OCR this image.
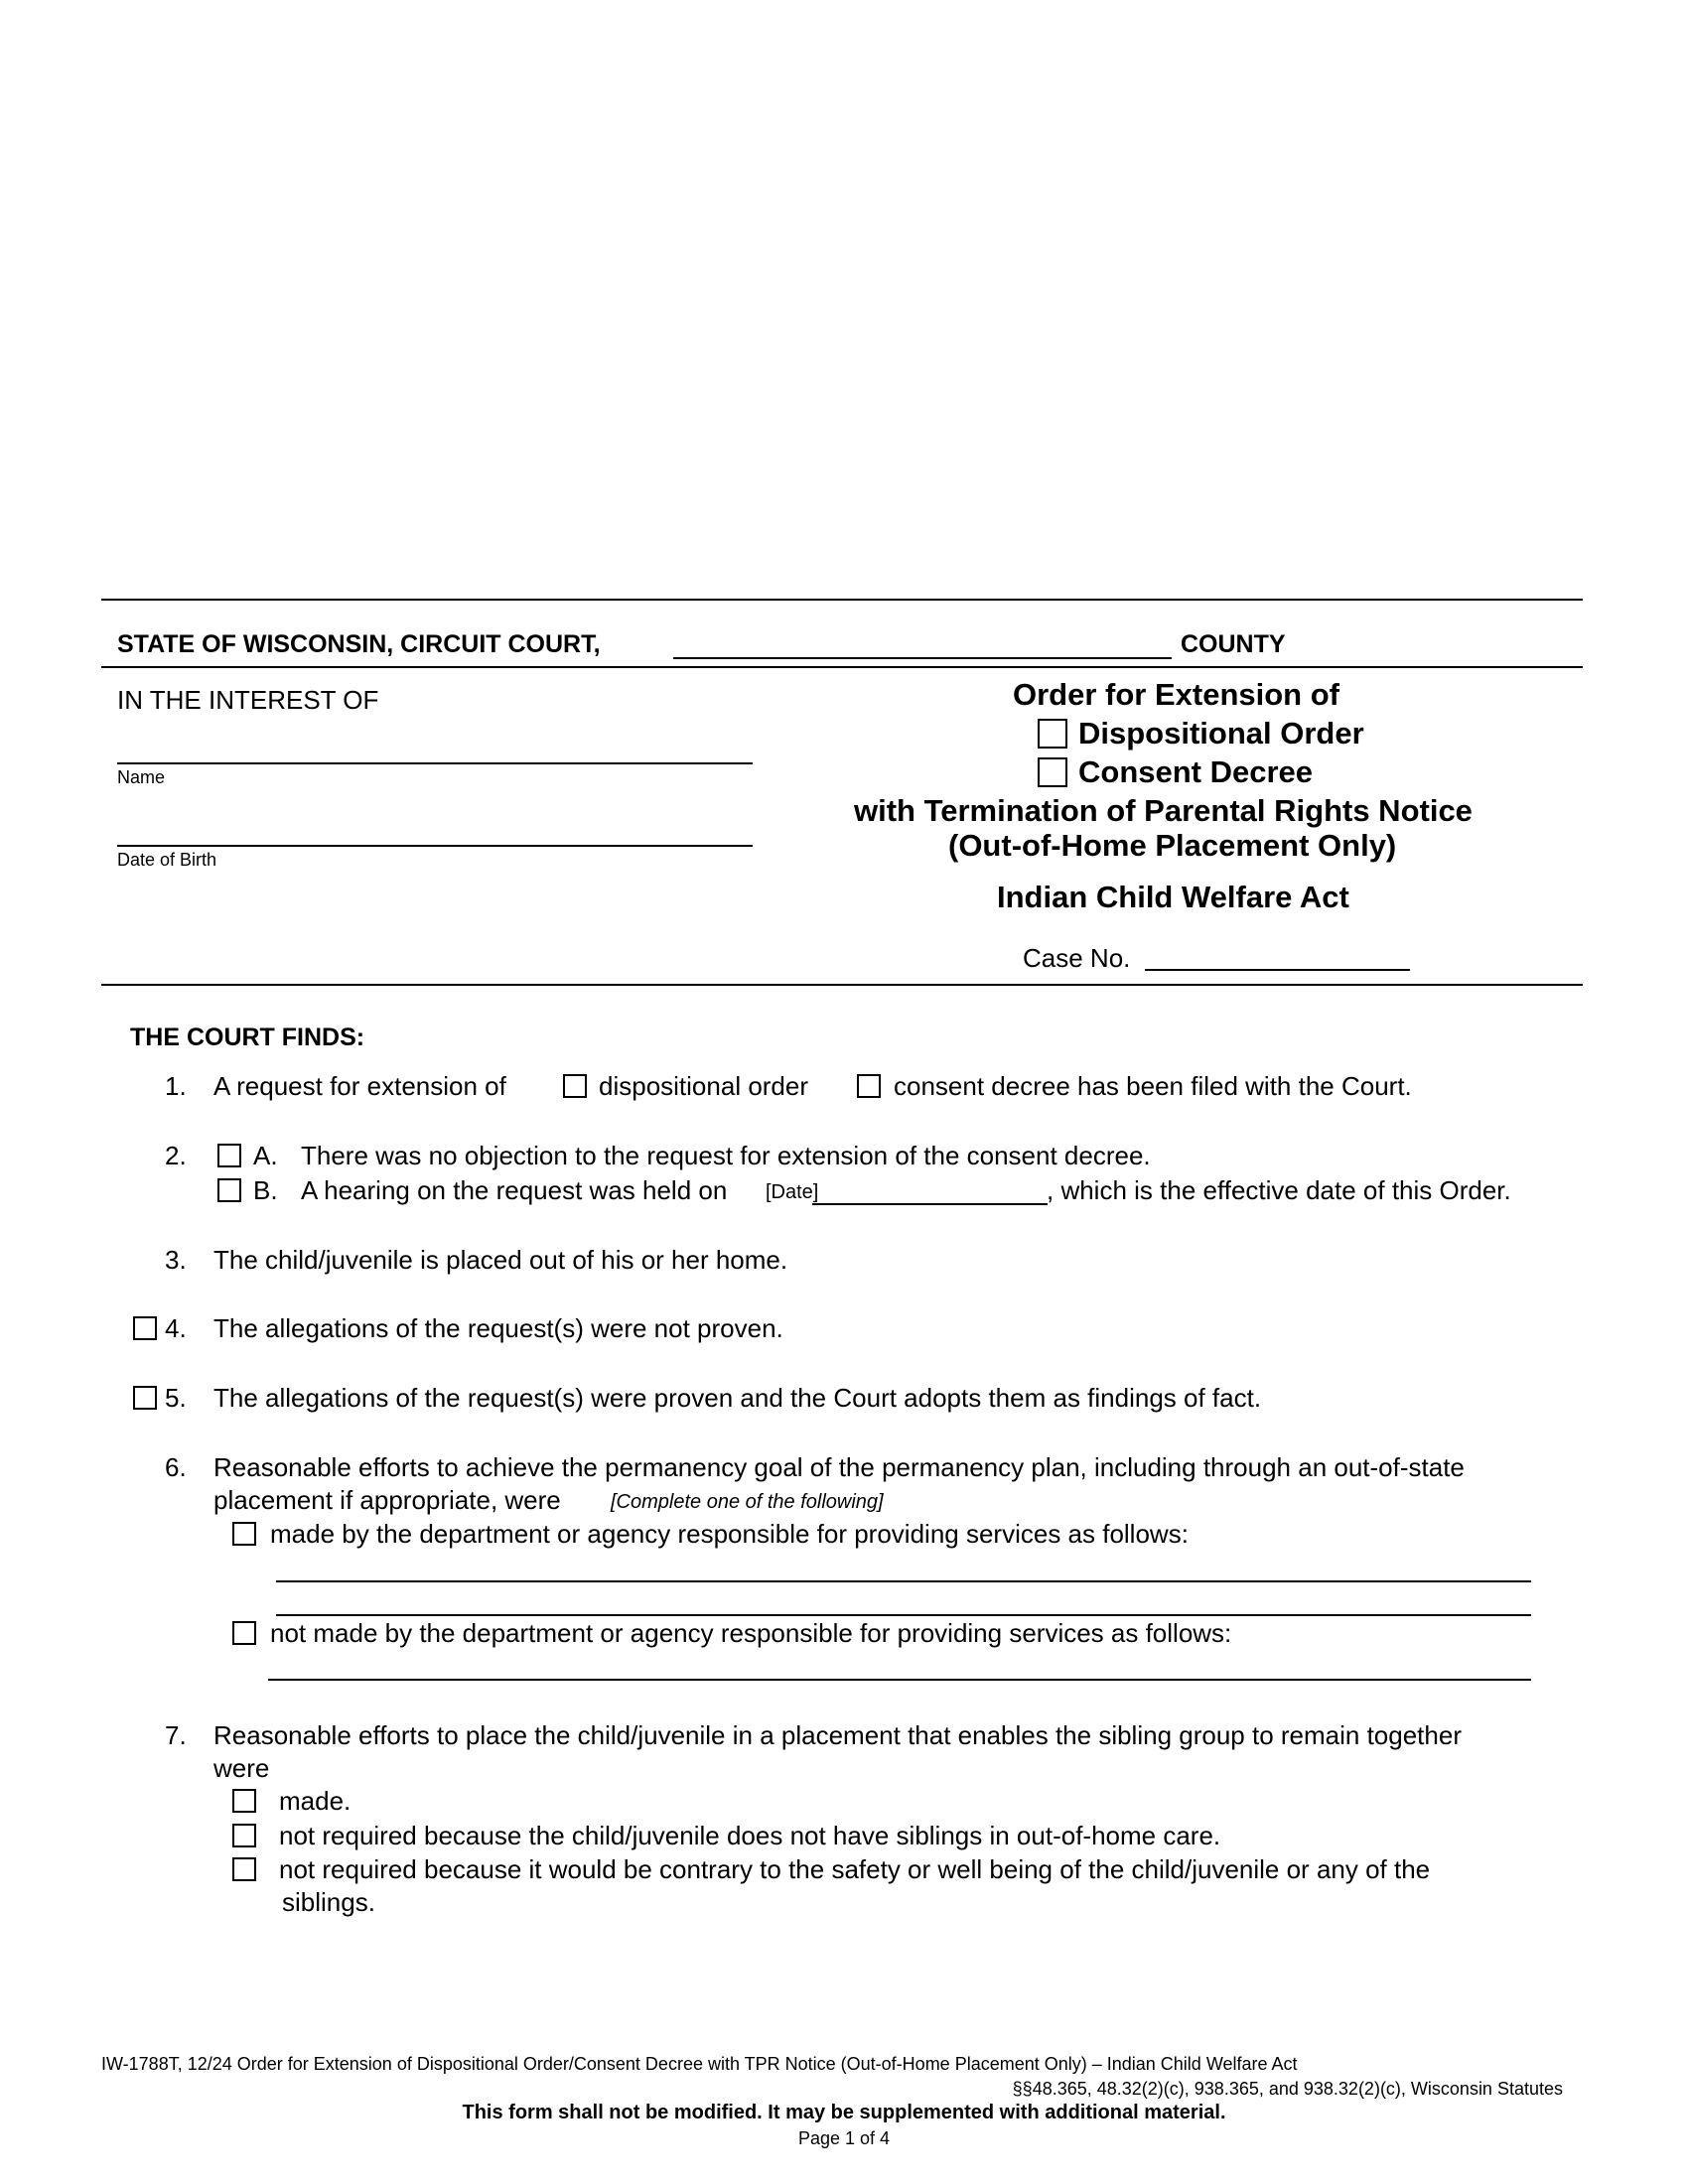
STATE OF WISCONSIN, CIRCUIT COURT,	COUNTY
IN THE INTEREST OF
Name
Date of Birth
Order for Extension of
Dispositional Order
Consent Decree
with Termination of Parental Rights Notice
(Out-of-Home Placement Only)
Indian Child Welfare Act
Case No.
THE COURT FINDS:
1. A request for extension of	dispositional order	consent decree has been filed with the Court.
2.	A. There was no objection to the request for extension of the consent decree.
B. A hearing on the request was held on [Date]	, which is the effective date of this Order.
3. The child/juvenile is placed out of his or her home.
4. The allegations of the request(s) were not proven.
5. The allegations of the request(s) were proven and the Court adopts them as findings of fact.
6. Reasonable efforts to achieve the permanency goal of the permanency plan, including through an out-of-state
placement if appropriate, were	[Complete one of the following]
made by the department or agency responsible for providing services as follows:
not made by the department or agency responsible for providing services as follows:
7. Reasonable efforts to place the child/juvenile in a placement that enables the sibling group to remain together
were
made.
not required because the child/juvenile does not have siblings in out-of-home care.
not required because it would be contrary to the safety or well being of the child/juvenile or any of the
siblings.
IW-1788T, 12/24 Order for Extension of Dispositional Order/Consent Decree with TPR Notice (Out-of-Home Placement Only) – Indian Child Welfare Act
§§48.365, 48.32(2)(c), 938.365, and 938.32(2)(c), Wisconsin Statutes
This form shall not be modified. It may be supplemented with additional material.
Page 1 of 4
